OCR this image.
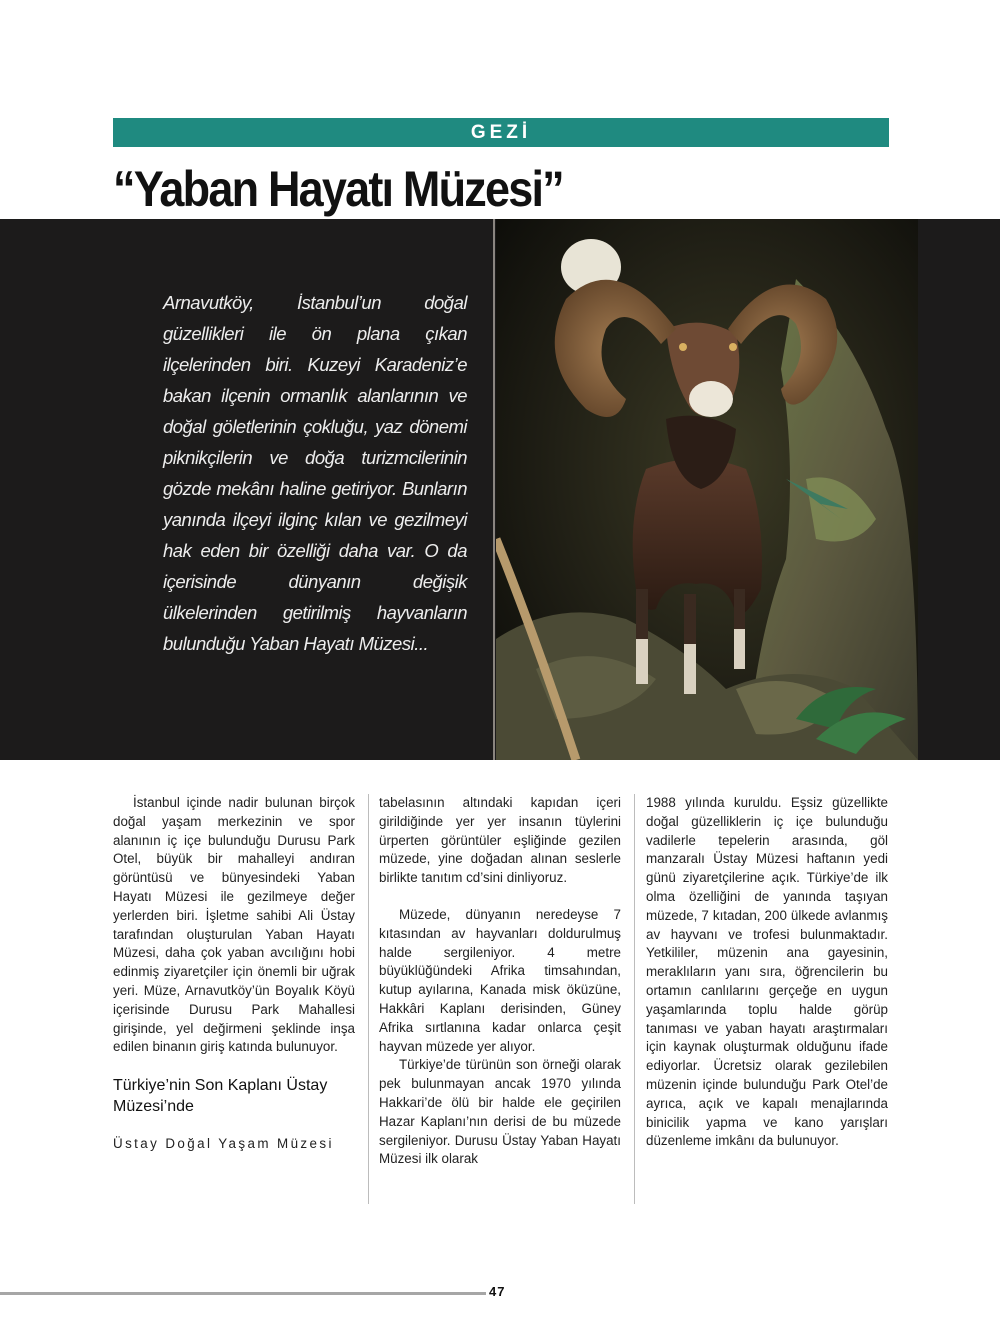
GEZİ
“Yaban Hayatı Müzesi”
Arnavutköy, İstanbul’un doğal güzellikleri ile ön plana çıkan ilçelerinden biri. Kuzeyi Karadeniz’e bakan ilçenin ormanlık alanlarının ve doğal göletlerinin çokluğu, yaz dönemi piknikçilerin ve doğa turizmcilerinin gözde mekânı haline getiriyor. Bunların yanında ilçeyi ilginç kılan ve gezilmeyi hak eden bir özelliği daha var. O da içerisinde dünyanın değişik ülkelerinden getirilmiş hayvanların bulunduğu Yaban Hayatı Müzesi...

İstanbul içinde nadir bulunan birçok doğal yaşam merkezinin ve spor alanının iç içe bulunduğu Durusu Park Otel, büyük bir mahalleyi andıran görüntüsü ve bünyesindeki Yaban Hayatı Müzesi ile gezilmeye değer yerlerden biri. İşletme sahibi Ali Üstay tarafından oluşturulan Yaban Hayatı Müzesi, daha çok yaban avcılığını hobi edinmiş ziyaretçiler için önemli bir uğrak yeri. Müze, Arnavutköy’ün Boyalık Köyü içerisinde Durusu Park Mahallesi girişinde, yel değirmeni şeklinde inşa edilen binanın giriş katında bulunuyor.

Türkiye’nin Son Kaplanı Üstay Müzesi’nde

Üstay Doğal Yaşam Müzesi

tabelasının altındaki kapıdan içeri girildiğinde yer yer insanın tüylerini ürperten görüntüler eşliğinde gezilen müzede, yine doğadan alınan seslerle birlikte tanıtım cd’sini dinliyoruz.

Müzede, dünyanın neredeyse 7 kıtasından av hayvanları doldurulmuş halde sergileniyor. 4 metre büyüklüğündeki Afrika timsahından, kutup ayılarına, Kanada misk öküzüne, Hakkâri Kaplanı derisinden, Güney Afrika sırtlanına kadar onlarca çeşit hayvan müzede yer alıyor.

Türkiye’de türünün son örneği olarak pek bulunmayan ancak 1970 yılında Hakkari’de ölü bir halde ele geçirilen Hazar Kaplanı’nın derisi de bu müzede sergileniyor. Durusu Üstay Yaban Hayatı Müzesi ilk olarak

1988 yılında kuruldu. Eşsiz güzellikte doğal güzelliklerin iç içe bulunduğu vadilerle tepelerin arasında, göl manzaralı Üstay Müzesi haftanın yedi günü ziyaretçilerine açık. Türkiye’de ilk olma özelliğini de yanında taşıyan müzede, 7 kıtadan, 200 ülkede avlanmış av hayvanı ve trofesi bulunmaktadır. Yetkililer, müzenin ana gayesinin, meraklıların yanı sıra, öğrencilerin bu ortamın canlılarını gerçeğe en uygun yaşamlarında toplu halde görüp tanıması ve yaban hayatı araştırmaları için kaynak oluşturmak olduğunu ifade ediyorlar. Ücretsiz olarak gezilebilen müzenin içinde bulunduğu Park Otel’de ayrıca, açık ve kapalı menajlarında binicilik yapma ve kano yarışları düzenleme imkânı da bulunuyor.

47
